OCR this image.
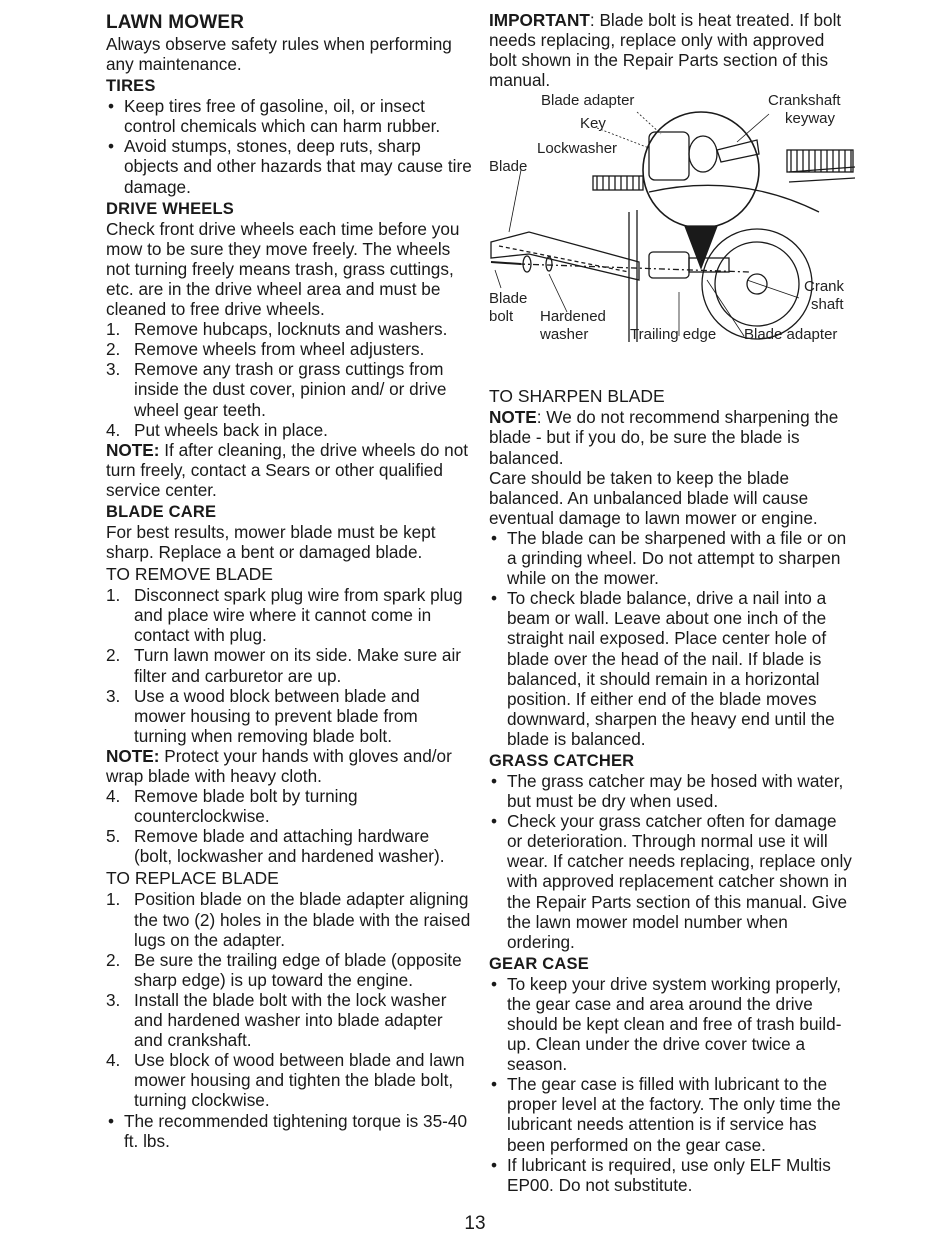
LAWN MOWER

Always observe safety rules when performing any maintenance.

TIRES
• Keep tires free of gasoline, oil, or insect control chemicals which can harm rubber.
• Avoid stumps, stones, deep ruts, sharp objects and other hazards that may cause tire damage.
DRIVE WHEELS

Check front drive wheels each time before you mow to be sure they move freely. The wheels not turning freely means trash, grass cuttings, etc. are in the drive wheel area and must be cleaned to free drive wheels.

1. Remove hubcaps, locknuts and washers.
2. Remove wheels from wheel adjusters.
3. Remove any trash or grass cuttings from inside the dust cover, pinion and/ or drive wheel gear teeth.
4. Put wheels back in place.

NOTE: If after cleaning, the drive wheels do not turn freely, contact a Sears or other qualified service center.

BLADE CARE

For best results, mower blade must be kept sharp. Replace a bent or damaged blade.

TO REMOVE BLADE
1. Disconnect spark plug wire from spark plug and place wire where it cannot come in contact with plug.
2. Turn lawn mower on its side. Make sure air filter and carburetor are up.
3. Use a wood block between blade and mower housing to prevent blade from turning when removing blade bolt.

NOTE: Protect your hands with gloves and/or wrap blade with heavy cloth.

4. Remove blade bolt by turning counterclockwise.
5. Remove blade and attaching hardware (bolt, lockwasher and hardened washer).
TO REPLACE BLADE
1. Position blade on the blade adapter aligning the two (2) holes in the blade with the raised lugs on the adapter.
2. Be sure the trailing edge of blade (opposite sharp edge) is up toward the engine.
3. Install the blade bolt with the lock washer and hardened washer into blade adapter and crankshaft.
4. Use block of wood between blade and lawn mower housing and tighten the blade bolt, turning clockwise.
• The recommended tightening torque is 35-40 ft. lbs.

IMPORTANT: Blade bolt is heat treated. If bolt needs replacing, replace only with approved bolt shown in the Repair Parts section of this manual.

Blade adapter	Crankshaft
keyway
Key
Lockwasher
Blade
Blade
bolt Hardened
washer	Trailing edge Blade adapter
Crank
shaft
TO SHARPEN BLADE

NOTE: We do not recommend sharpening the blade - but if you do, be sure the blade is balanced.

Care should be taken to keep the blade balanced. An unbalanced blade will cause eventual damage to lawn mower or engine.

• The blade can be sharpened with a file or on a grinding wheel. Do not attempt to sharpen while on the mower.
• To check blade balance, drive a nail into a beam or wall. Leave about one inch of the straight nail exposed. Place center hole of blade over the head of the nail. If blade is balanced, it should remain in a horizontal position. If either end of the blade moves downward, sharpen the heavy end until the blade is balanced.
GRASS CATCHER
• The grass catcher may be hosed with water, but must be dry when used.
• Check your grass catcher often for damage or deterioration. Through normal use it will wear. If catcher needs replacing, replace only with approved replacement catcher shown in the Repair Parts section of this manual. Give the lawn mower model number when ordering.
GEAR CASE
• To keep your drive system working properly, the gear case and area around the drive should be kept clean and free of trash build-up. Clean under the drive cover twice a season.
• The gear case is filled with lubricant to the proper level at the factory. The only time the lubricant needs attention is if service has been performed on the gear case.
• If lubricant is required, use only ELF Multis EP00. Do not substitute.
13
